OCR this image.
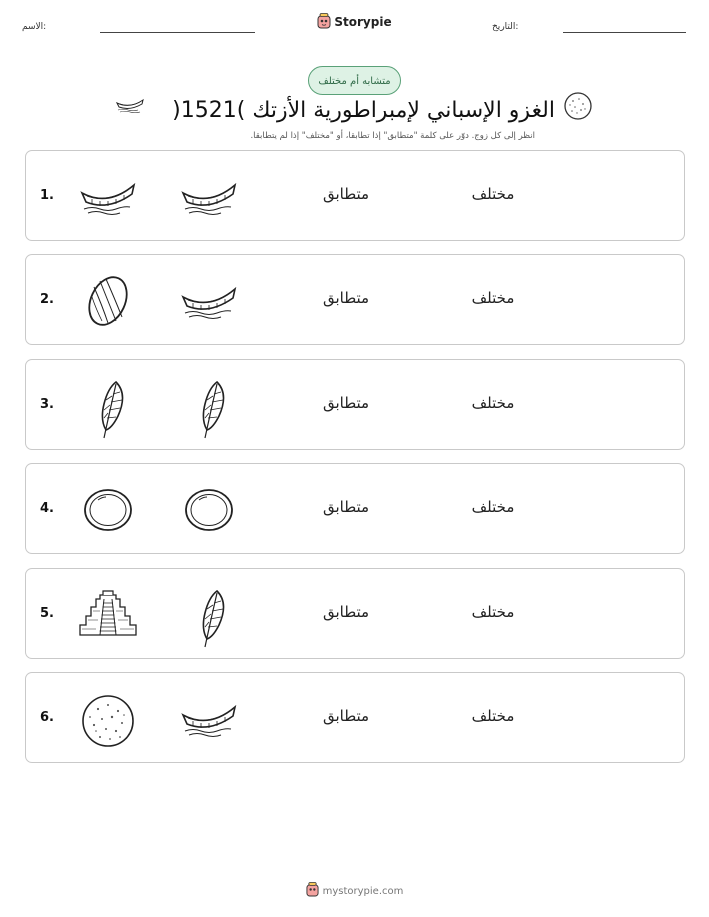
الاسم:	Storypie	التاريخ:
متشابه أم مختلف
الغزو الإسباني لإمبراطورية الأزتك )1521(
انظر إلى كل زوج. دوّر على كلمة "متطابق" إذا تطابقا، أو "مختلف" إذا لم يتطابقا.
1.	متطابق	مختلف
2.	متطابق	مختلف
3.	متطابق	مختلف
4.	متطابق	مختلف
5.	متطابق	مختلف
6.	متطابق	مختلف
mystorypie.com
